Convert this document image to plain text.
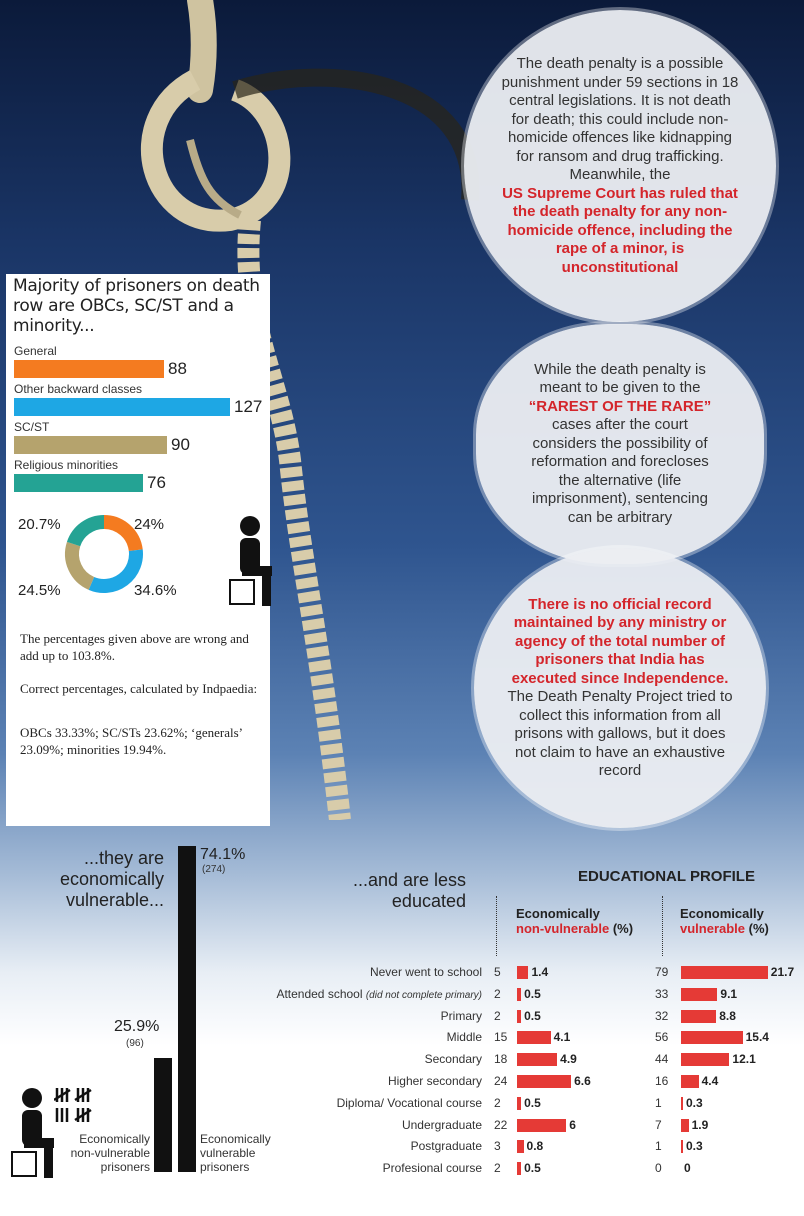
The death penalty is a possible punishment under 59 sections in 18 central legislations. It is not death for death; this could include non-homicide offences like kidnapping for ransom and drug trafficking. Meanwhile, the
US Supreme Court has ruled that the death penalty for any non-homicide offence, including the rape of a minor, is unconstitutional
While the death penalty is meant to be given to the “RAREST OF THE RARE” cases after the court considers the possibility of reformation and forecloses the alternative (life imprisonment), sentencing can be arbitrary
There is no official record maintained by any ministry or agency of the total number of prisoners that India has executed since Independence. The Death Penalty Project tried to collect this information from all prisons with gallows, but it does not claim to have an exhaustive record
Majority of prisoners on death row are OBCs, SC/ST and a minority...
General
88
Other backward classes
127
SC/ST
90
Religious minorities
76
20.7%	24%
24.5%	34.6%
The percentages given above are wrong and add up to 103.8%.
Correct percentages, calculated by Indpaedia:
OBCs 33.33%; SC/STs 23.62%; ‘generals’ 23.09%; minorities 19.94%.
...they are economically vulnerable...
25.9%
(96)
Economically non-vulnerable prisoners
74.1%
(274)
Economically vulnerable prisoners
...and are less educated
EDUCATIONAL PROFILE
Economically
non-vulnerable (%)
Economically
vulnerable (%)
Never went to school 5	1.4	79	21.7
Attended school (did not complete primary) 2 0.5	33	9.1
Primary 2 0.5	32	8.8
Middle 15	4.1	56	15.4
Secondary 18	4.9	44	12.1
Higher secondary 24	6.6	16	4.4
Diploma/ Vocational course 2 0.5	1 0.3
Undergraduate 22	6	7 1.9
Postgraduate 3 0.8	1 0.3
Profesional course 2 0.5	0 0
